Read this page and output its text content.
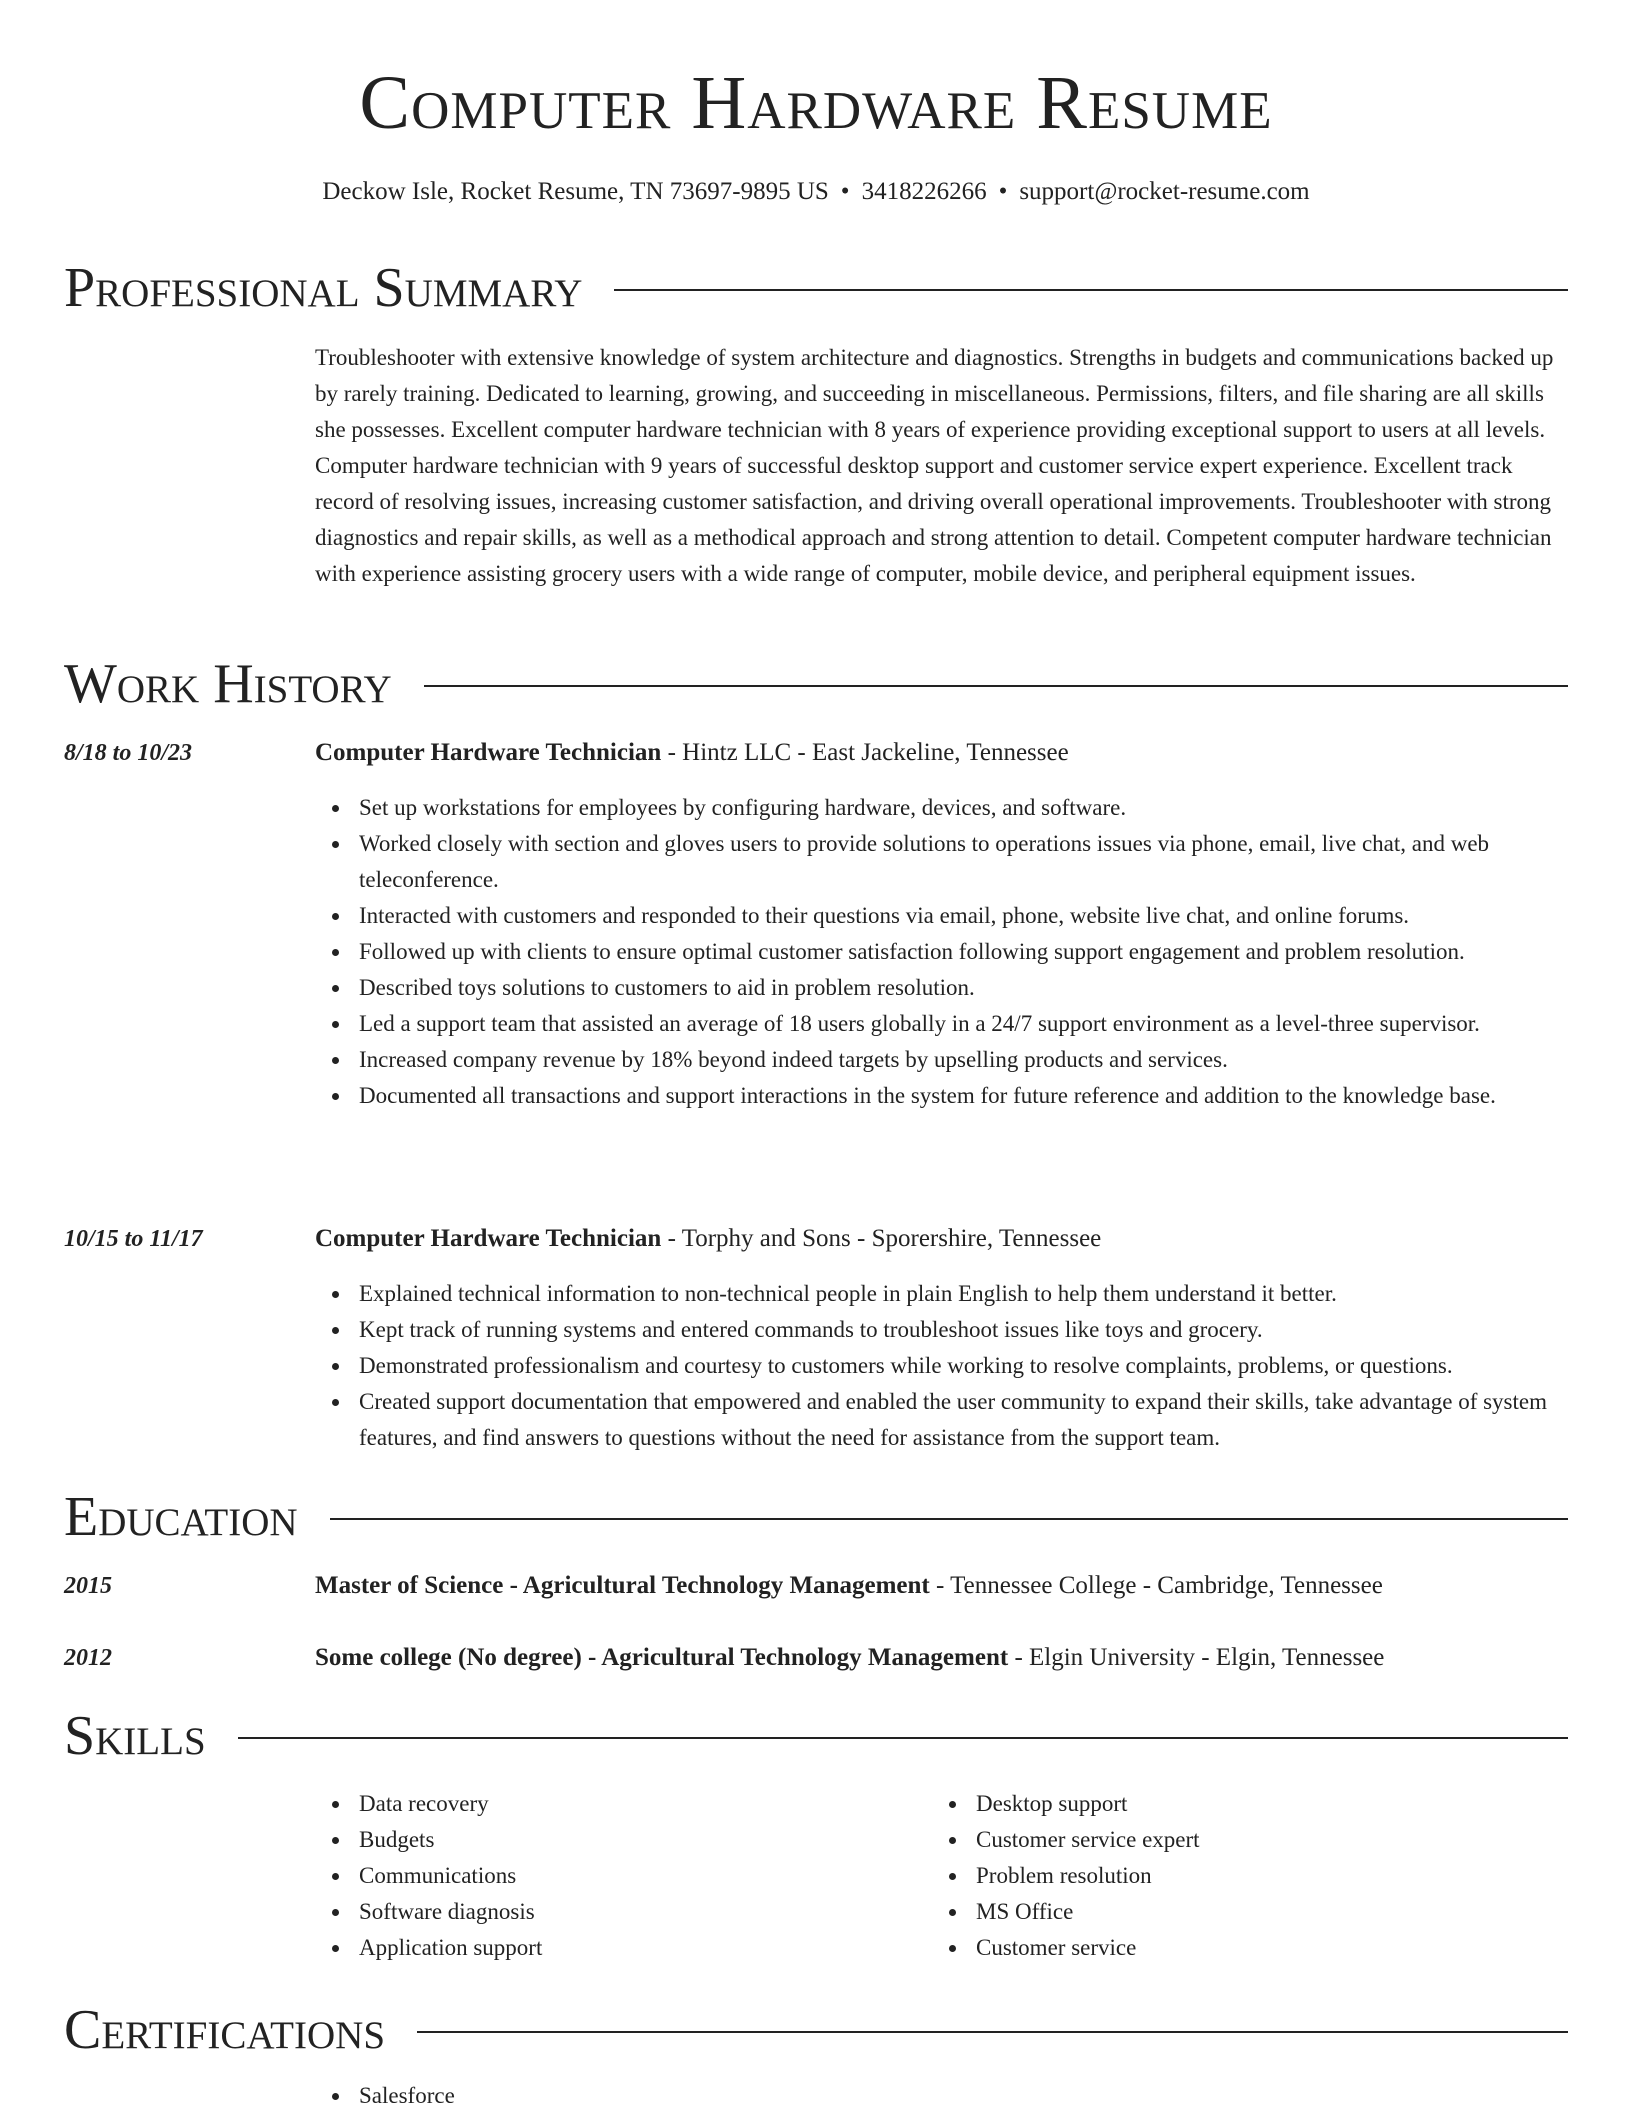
Computer Hardware Resume
Deckow Isle, Rocket Resume, TN 73697-9895 US • 3418226266 • support@rocket-resume.com
Professional Summary

Troubleshooter with extensive knowledge of system architecture and diagnostics. Strengths in budgets and communications backed up by rarely training. Dedicated to learning, growing, and succeeding in miscellaneous. Permissions, filters, and file sharing are all skills she possesses. Excellent computer hardware technician with 8 years of experience providing exceptional support to users at all levels. Computer hardware technician with 9 years of successful desktop support and customer service expert experience. Excellent track record of resolving issues, increasing customer satisfaction, and driving overall operational improvements. Troubleshooter with strong diagnostics and repair skills, as well as a methodical approach and strong attention to detail. Competent computer hardware technician with experience assisting grocery users with a wide range of computer, mobile device, and peripheral equipment issues.

Work History
8/18 to 10/23	Computer Hardware Technician - Hintz LLC - East Jackeline, Tennessee
Set up workstations for employees by configuring hardware, devices, and software.
Worked closely with section and gloves users to provide solutions to operations issues via phone, email, live chat, and web teleconference.
Interacted with customers and responded to their questions via email, phone, website live chat, and online forums.
Followed up with clients to ensure optimal customer satisfaction following support engagement and problem resolution.
Described toys solutions to customers to aid in problem resolution.
Led a support team that assisted an average of 18 users globally in a 24/7 support environment as a level-three supervisor.
Increased company revenue by 18% beyond indeed targets by upselling products and services.
Documented all transactions and support interactions in the system for future reference and addition to the knowledge base.
10/15 to 11/17	Computer Hardware Technician - Torphy and Sons - Sporershire, Tennessee
Explained technical information to non-technical people in plain English to help them understand it better.
Kept track of running systems and entered commands to troubleshoot issues like toys and grocery.
Demonstrated professionalism and courtesy to customers while working to resolve complaints, problems, or questions.
Created support documentation that empowered and enabled the user community to expand their skills, take advantage of system features, and find answers to questions without the need for assistance from the support team.
Education
2015	Master of Science - Agricultural Technology Management - Tennessee College - Cambridge, Tennessee
2012	Some college (No degree) - Agricultural Technology Management - Elgin University - Elgin, Tennessee
Skills
Data recovery
Budgets
Communications
Software diagnosis
Application support
Desktop support
Customer service expert
Problem resolution
MS Office
Customer service
Certifications
Salesforce
